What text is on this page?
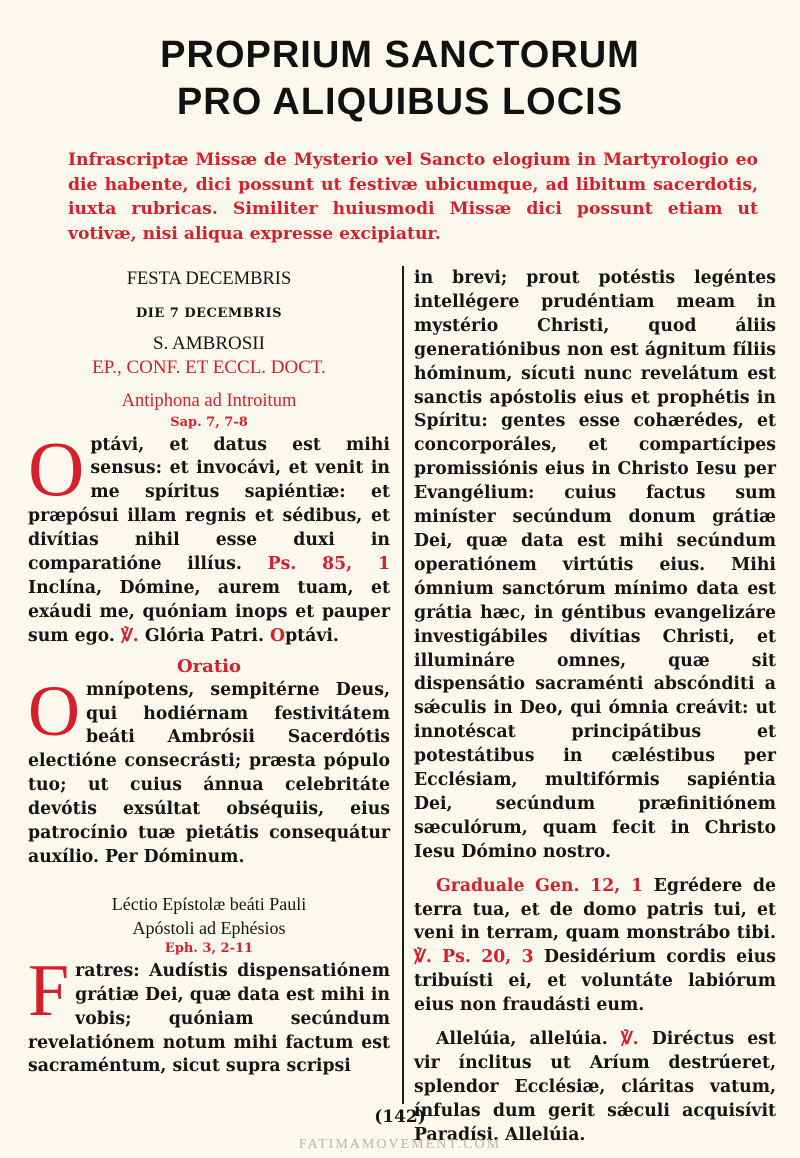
PROPRIUM SANCTORUM
PRO ALIQUIBUS LOCIS
Infrascriptæ Missæ de Mysterio vel Sancto elogium in Martyrologio eo die habente, dici possunt ut festivæ ubicumque, ad libitum sacerdotis, iuxta rubricas. Similiter huiusmodi Missæ dici possunt etiam ut votivæ, nisi aliqua expresse excipiatur.
FESTA DECEMBRIS
DIE 7 DECEMBRIS
S. AMBROSII
EP., CONF. ET ECCL. DOCT.
Antiphona ad Introitum
Sap. 7, 7-8

Optávi, et datus est mihi sensus: et invocávi, et venit in me spíritus sapiéntiæ: et præpósui illam regnis et sédibus, et divítias nihil esse duxi in comparatióne illíus. Ps. 85, 1 Inclína, Dómine, aurem tuam, et exáudi me, quóniam inops et pauper sum ego. ℣. Glória Patri. Optávi.

Oratio

Omnípotens, sempitérne Deus, qui hodiérnam festivitátem beáti Ambrósii Sacerdótis electióne consecrásti; præsta pópulo tuo; ut cuius ánnua celebritáte devótis exsúltat obséquiis, eius patrocínio tuæ pietátis consequátur auxílio. Per Dóminum.

Léctio Epístolæ beáti Pauli
Apóstoli ad Ephésios
Eph. 3, 2-11

Fratres: Audístis dispensatiónem grátiæ Dei, quæ data est mihi in vobis; quóniam secúndum revelatiónem notum mihi factum est sacraméntum, sicut supra scripsi

in brevi; prout potéstis legéntes intellégere prudéntiam meam in mystério Christi, quod áliis generatiónibus non est ágnitum fíliis hóminum, sícuti nunc revelátum est sanctis apóstolis eius et prophétis in Spíritu: gentes esse cohærédes, et concorporáles, et compartícipes promissiónis eius in Christo Iesu per Evangélium: cuius factus sum miníster secúndum donum grátiæ Dei, quæ data est mihi secúndum operatiónem virtútis eius. Mihi ómnium sanctórum mínimo data est grátia hæc, in géntibus evangelizáre investigábiles divítias Christi, et illumináre omnes, quæ sit dispensátio sacraménti abscónditi a sǽculis in Deo, qui ómnia creávit: ut innotéscat principátibus et potestátibus in cæléstibus per Ecclésiam, multifórmis sapiéntia Dei, secúndum præfinitiónem sæculórum, quam fecit in Christo Iesu Dómino nostro.

Graduale Gen. 12, 1 Egrédere de terra tua, et de domo patris tui, et veni in terram, quam monstrábo tibi. ℣. Ps. 20, 3 Desidérium cordis eius tribuísti ei, et voluntáte labiórum eius non fraudásti eum.

Allelúia, allelúia. ℣. Diréctus est vir ínclitus ut Aríum destrúeret, splendor Ecclésiæ, cláritas vatum, ínfulas dum gerit sǽculi acquisívit Paradísi. Allelúia.

(142)
FATIMAMOVEMENT.COM
